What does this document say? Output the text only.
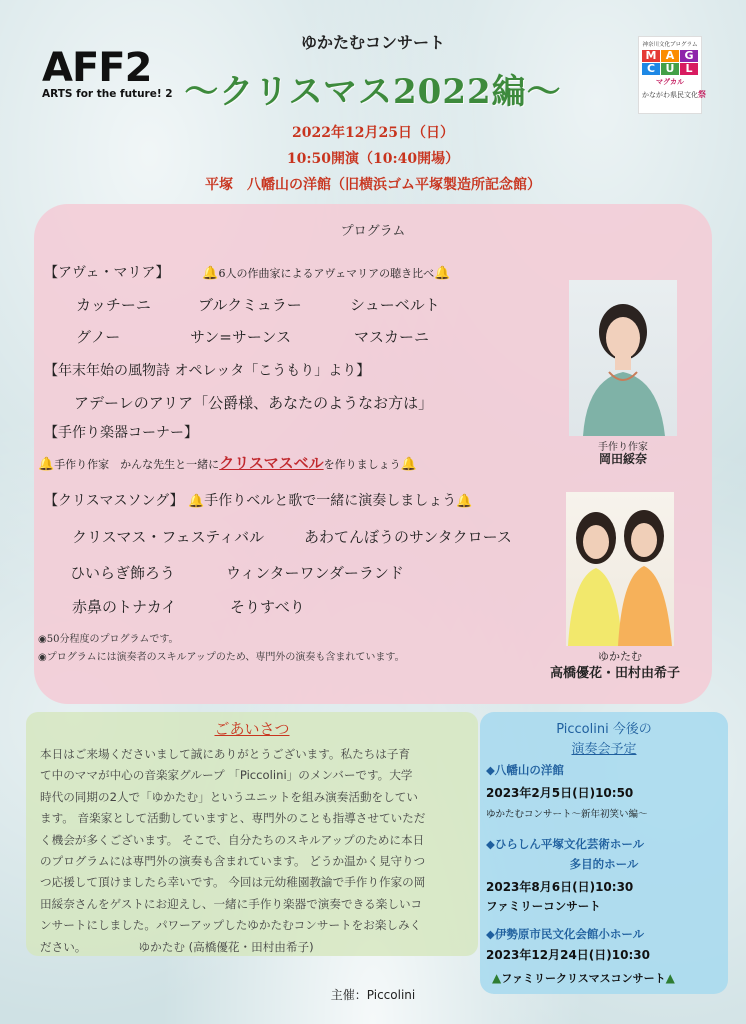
AFF2
ARTS for the future! 2
ゆかたむコンサート
〜クリスマス2022編〜
神奈川文化プログラム
M A G
C U	L
マグカル
かながわ県民文化祭
2022年12月25日（日）
10:50開演（10:40開場）
平塚　八幡山の洋館（旧横浜ゴム平塚製造所記念館）
プログラム
【アヴェ・マリア】	🔔6人の作曲家によるアヴェマリアの聴き比べ🔔
カッチーニ	ブルクミュラー	シューベルト
グノー	サン=サーンス	マスカーニ
【年末年始の風物詩 オペレッタ「こうもり」より】
アデーレのアリア「公爵様、あなたのようなお方は」
【手作り楽器コーナー】
🔔手作り作家　かんな先生と一緒にクリスマスベルを作りましょう🔔
【クリスマスソング】 🔔手作りベルと歌で一緒に演奏しましょう🔔
クリスマス・フェスティバル	あわてんぼうのサンタクロース
ひいらぎ飾ろう	ウィンターワンダーランド
赤鼻のトナカイ	そりすべり
◉50分程度のプログラムです。
◉プログラムには演奏者のスキルアップのため、専門外の演奏も含まれています。
手作り作家
岡田綏奈
ゆかたむ
高橋優花・田村由希子
ごあいさつ
本日はご来場くださいまして誠にありがとうございます。私たちは子育
て中のママが中心の音楽家グループ 「Piccolini」のメンバーです。大学
時代の同期の2人で「ゆかたむ」というユニットを組み演奏活動をしてい
ます。 音楽家として活動していますと、専門外のことも指導させていただ
く機会が多くございます。 そこで、自分たちのスキルアップのために本日
のプログラムには専門外の演奏も含まれています。 どうか温かく見守りつ
つ応援して頂けましたら幸いです。 今回は元幼稚園教諭で手作り作家の岡
田綏奈さんをゲストにお迎えし、一緒に手作り楽器で演奏できる楽しいコ
ンサートにしました。パワーアップしたゆかたむコンサートをお楽しみく
ださい。　　　　　ゆかたむ (高橋優花・田村由希子)
Piccolini 今後の
演奏会予定
◆八幡山の洋館
2023年2月5日(日)10:50
ゆかたむコンサート〜新年初笑い編〜
◆ひらしん平塚文化芸術ホール
多目的ホール
2023年8月6日(日)10:30
ファミリーコンサート
◆伊勢原市民文化会館小ホール
2023年12月24日(日)10:30
▲ファミリークリスマスコンサート▲
主催：Piccolini
